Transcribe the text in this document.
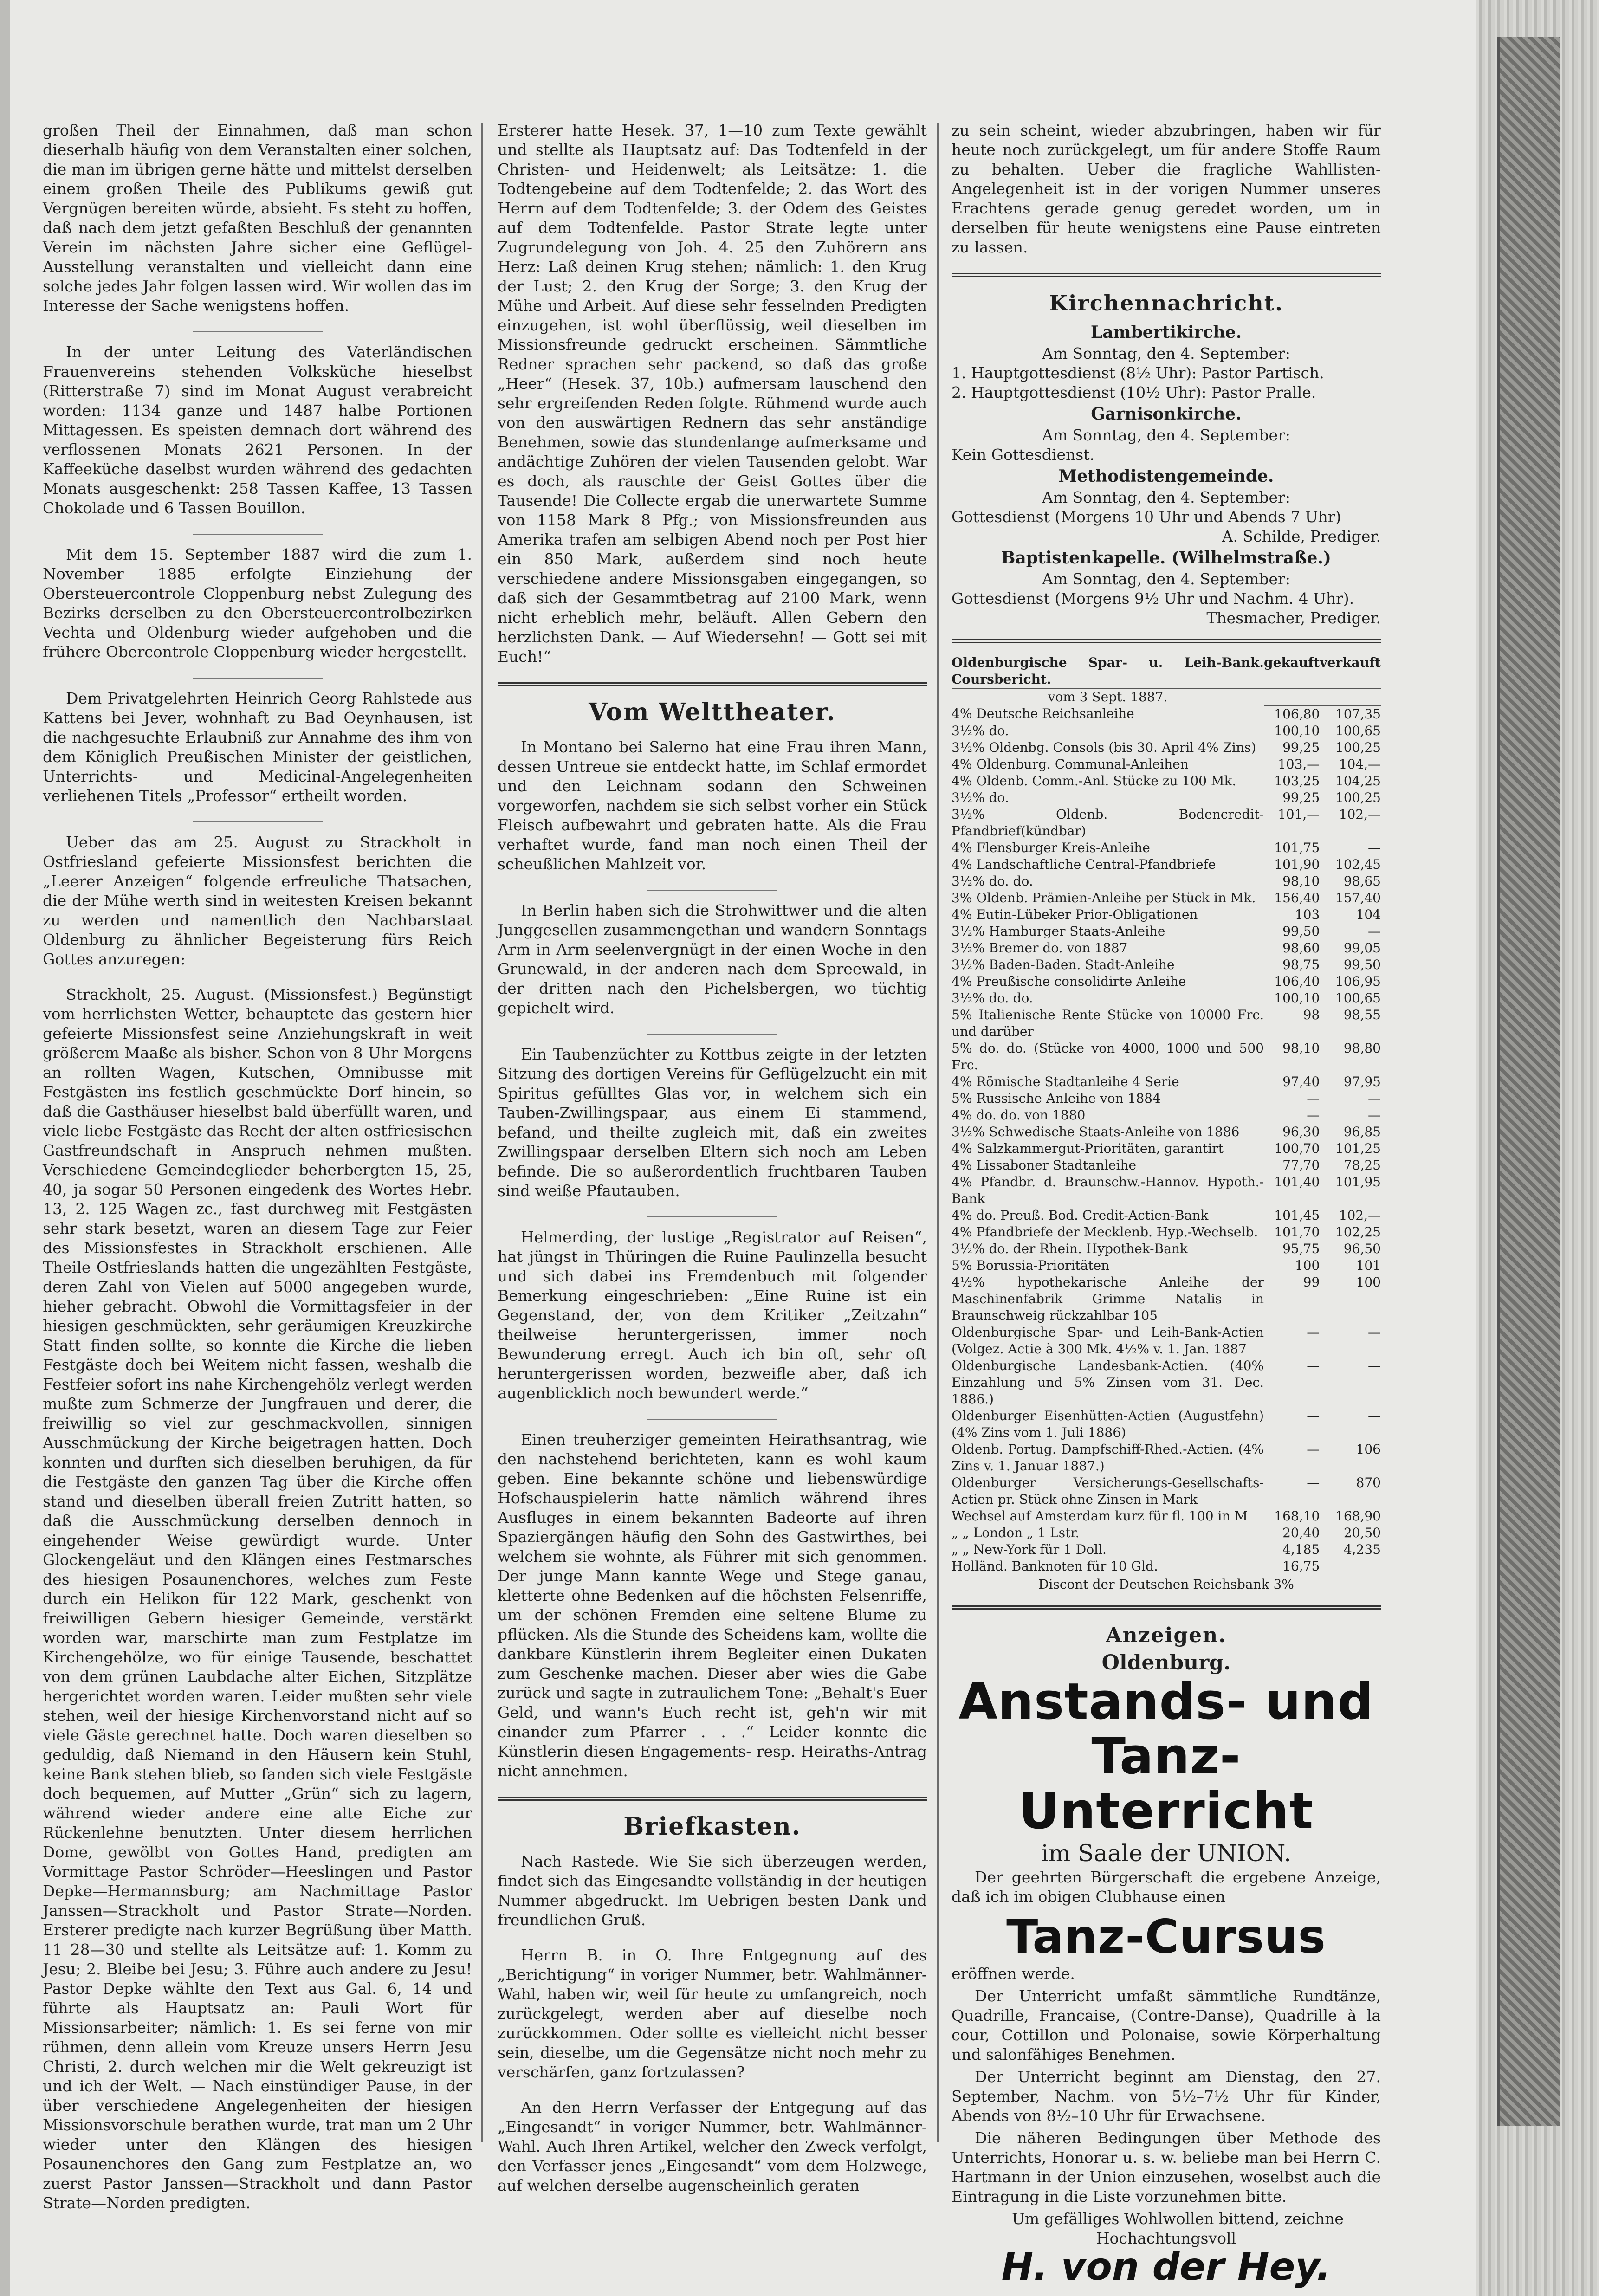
großen Theil der Einnahmen, daß man schon dieserhalb häufig von dem Veranstalten einer solchen, die man im übrigen gerne hätte und mittelst derselben einem großen Theile des Publikums gewiß gut Vergnügen bereiten würde, absieht. Es steht zu hoffen, daß nach dem jetzt gefaßten Beschluß der genannten Verein im nächsten Jahre sicher eine Geflügel-Ausstellung veranstalten und vielleicht dann eine solche jedes Jahr folgen lassen wird. Wir wollen das im Interesse der Sache wenigstens hoffen.

In der unter Leitung des Vaterländischen Frauenvereins stehenden Volksküche hieselbst (Ritterstraße 7) sind im Monat August verabreicht worden: 1134 ganze und 1487 halbe Portionen Mittagessen. Es speisten demnach dort während des verflossenen Monats 2621 Personen. In der Kaffeeküche daselbst wurden während des gedachten Monats ausgeschenkt: 258 Tassen Kaffee, 13 Tassen Chokolade und 6 Tassen Bouillon.

Mit dem 15. September 1887 wird die zum 1. November 1885 erfolgte Einziehung der Obersteuercontrole Cloppenburg nebst Zulegung des Bezirks derselben zu den Obersteuercontrolbezirken Vechta und Oldenburg wieder aufgehoben und die frühere Obercontrole Cloppenburg wieder hergestellt.

Dem Privatgelehrten Heinrich Georg Rahlstede aus Kattens bei Jever, wohnhaft zu Bad Oeynhausen, ist die nachgesuchte Erlaubniß zur Annahme des ihm von dem Königlich Preußischen Minister der geistlichen, Unterrichts- und Medicinal-Angelegenheiten verliehenen Titels „Professor“ ertheilt worden.

Ueber das am 25. August zu Strackholt in Ostfriesland gefeierte Missionsfest berichten die „Leerer Anzeigen“ folgende erfreuliche Thatsachen, die der Mühe werth sind in weitesten Kreisen bekannt zu werden und namentlich den Nachbarstaat Oldenburg zu ähnlicher Begeisterung fürs Reich Gottes anzuregen:

Strackholt, 25. August. (Missionsfest.) Begünstigt vom herrlichsten Wetter, behauptete das gestern hier gefeierte Missionsfest seine Anziehungskraft in weit größerem Maaße als bisher. Schon von 8 Uhr Morgens an rollten Wagen, Kutschen, Omnibusse mit Festgästen ins festlich geschmückte Dorf hinein, so daß die Gasthäuser hieselbst bald überfüllt waren, und viele liebe Festgäste das Recht der alten ostfriesischen Gastfreundschaft in Anspruch nehmen mußten. Verschiedene Gemeindeglieder beherbergten 15, 25, 40, ja sogar 50 Personen eingedenk des Wortes Hebr. 13, 2. 125 Wagen zc., fast durchweg mit Festgästen sehr stark besetzt, waren an diesem Tage zur Feier des Missionsfestes in Strackholt erschienen. Alle Theile Ostfrieslands hatten die ungezählten Festgäste, deren Zahl von Vielen auf 5000 angegeben wurde, hieher gebracht. Obwohl die Vormittagsfeier in der hiesigen geschmückten, sehr geräumigen Kreuzkirche Statt finden sollte, so konnte die Kirche die lieben Festgäste doch bei Weitem nicht fassen, weshalb die Festfeier sofort ins nahe Kirchengehölz verlegt werden mußte zum Schmerze der Jungfrauen und derer, die freiwillig so viel zur geschmackvollen, sinnigen Ausschmückung der Kirche beigetragen hatten. Doch konnten und durften sich dieselben beruhigen, da für die Festgäste den ganzen Tag über die Kirche offen stand und dieselben überall freien Zutritt hatten, so daß die Ausschmückung derselben dennoch in eingehender Weise gewürdigt wurde. Unter Glockengeläut und den Klängen eines Festmarsches des hiesigen Posaunenchores, welches zum Feste durch ein Helikon für 122 Mark, geschenkt von freiwilligen Gebern hiesiger Gemeinde, verstärkt worden war, marschirte man zum Festplatze im Kirchengehölze, wo für einige Tausende, beschattet von dem grünen Laubdache alter Eichen, Sitzplätze hergerichtet worden waren. Leider mußten sehr viele stehen, weil der hiesige Kirchenvorstand nicht auf so viele Gäste gerechnet hatte. Doch waren dieselben so geduldig, daß Niemand in den Häusern kein Stuhl, keine Bank stehen blieb, so fanden sich viele Festgäste doch bequemen, auf Mutter „Grün“ sich zu lagern, während wieder andere eine alte Eiche zur Rückenlehne benutzten. Unter diesem herrlichen Dome, gewölbt von Gottes Hand, predigten am Vormittage Pastor Schröder—Heeslingen und Pastor Depke—Hermannsburg; am Nachmittage Pastor Janssen—Strackholt und Pastor Strate—Norden. Ersterer predigte nach kurzer Begrüßung über Matth. 11 28—30 und stellte als Leitsätze auf: 1. Komm zu Jesu; 2. Bleibe bei Jesu; 3. Führe auch andere zu Jesu! Pastor Depke wählte den Text aus Gal. 6, 14 und führte als Hauptsatz an: Pauli Wort für Missionsarbeiter; nämlich: 1. Es sei ferne von mir rühmen, denn allein vom Kreuze unsers Herrn Jesu Christi, 2. durch welchen mir die Welt gekreuzigt ist und ich der Welt. — Nach einstündiger Pause, in der über verschiedene Angelegenheiten der hiesigen Missionsvorschule berathen wurde, trat man um 2 Uhr wieder unter den Klängen des hiesigen Posaunenchores den Gang zum Festplatze an, wo zuerst Pastor Janssen—Strackholt und dann Pastor Strate—Norden predigten.

Ersterer hatte Hesek. 37, 1—10 zum Texte gewählt und stellte als Hauptsatz auf: Das Todtenfeld in der Christen- und Heidenwelt; als Leitsätze: 1. die Todtengebeine auf dem Todtenfelde; 2. das Wort des Herrn auf dem Todtenfelde; 3. der Odem des Geistes auf dem Todtenfelde. Pastor Strate legte unter Zugrundelegung von Joh. 4. 25 den Zuhörern ans Herz: Laß deinen Krug stehen; nämlich: 1. den Krug der Lust; 2. den Krug der Sorge; 3. den Krug der Mühe und Arbeit. Auf diese sehr fesselnden Predigten einzugehen, ist wohl überflüssig, weil dieselben im Missionsfreunde gedruckt erscheinen. Sämmtliche Redner sprachen sehr packend, so daß das große „Heer“ (Hesek. 37, 10b.) aufmersam lauschend den sehr ergreifenden Reden folgte. Rühmend wurde auch von den auswärtigen Rednern das sehr anständige Benehmen, sowie das stundenlange aufmerksame und andächtige Zuhören der vielen Tausenden gelobt. War es doch, als rauschte der Geist Gottes über die Tausende! Die Collecte ergab die unerwartete Summe von 1158 Mark 8 Pfg.; von Missionsfreunden aus Amerika trafen am selbigen Abend noch per Post hier ein 850 Mark, außerdem sind noch heute verschiedene andere Missionsgaben eingegangen, so daß sich der Gesammtbetrag auf 2100 Mark, wenn nicht erheblich mehr, beläuft. Allen Gebern den herzlichsten Dank. — Auf Wiedersehn! — Gott sei mit Euch!“

Vom Welttheater.

In Montano bei Salerno hat eine Frau ihren Mann, dessen Untreue sie entdeckt hatte, im Schlaf ermordet und den Leichnam sodann den Schweinen vorgeworfen, nachdem sie sich selbst vorher ein Stück Fleisch aufbewahrt und gebraten hatte. Als die Frau verhaftet wurde, fand man noch einen Theil der scheußlichen Mahlzeit vor.

In Berlin haben sich die Strohwittwer und die alten Junggesellen zusammengethan und wandern Sonntags Arm in Arm seelenvergnügt in der einen Woche in den Grunewald, in der anderen nach dem Spreewald, in der dritten nach den Pichelsbergen, wo tüchtig gepichelt wird.

Ein Taubenzüchter zu Kottbus zeigte in der letzten Sitzung des dortigen Vereins für Geflügelzucht ein mit Spiritus gefülltes Glas vor, in welchem sich ein Tauben-Zwillingspaar, aus einem Ei stammend, befand, und theilte zugleich mit, daß ein zweites Zwillingspaar derselben Eltern sich noch am Leben befinde. Die so außerordentlich fruchtbaren Tauben sind weiße Pfautauben.

Helmerding, der lustige „Registrator auf Reisen“, hat jüngst in Thüringen die Ruine Paulinzella besucht und sich dabei ins Fremdenbuch mit folgender Bemerkung eingeschrieben: „Eine Ruine ist ein Gegenstand, der, von dem Kritiker „Zeitzahn“ theilweise heruntergerissen, immer noch Bewunderung erregt. Auch ich bin oft, sehr oft heruntergerissen worden, bezweifle aber, daß ich augenblicklich noch bewundert werde.“

Einen treuherziger gemeinten Heirathsantrag, wie den nachstehend berichteten, kann es wohl kaum geben. Eine bekannte schöne und liebenswürdige Hofschauspielerin hatte nämlich während ihres Ausfluges in einem bekannten Badeorte auf ihren Spaziergängen häufig den Sohn des Gastwirthes, bei welchem sie wohnte, als Führer mit sich genommen. Der junge Mann kannte Wege und Stege ganau, kletterte ohne Bedenken auf die höchsten Felsenriffe, um der schönen Fremden eine seltene Blume zu pflücken. Als die Stunde des Scheidens kam, wollte die dankbare Künstlerin ihrem Begleiter einen Dukaten zum Geschenke machen. Dieser aber wies die Gabe zurück und sagte in zutraulichem Tone: „Behalt's Euer Geld, und wann's Euch recht ist, geh'n wir mit einander zum Pfarrer . . .“ Leider konnte die Künstlerin diesen Engagements- resp. Heiraths-Antrag nicht annehmen.

Briefkasten.

Nach Rastede. Wie Sie sich überzeugen werden, findet sich das Eingesandte vollständig in der heutigen Nummer abgedruckt. Im Uebrigen besten Dank und freundlichen Gruß.

Herrn B. in O. Ihre Entgegnung auf des „Berichtigung“ in voriger Nummer, betr. Wahlmänner-Wahl, haben wir, weil für heute zu umfangreich, noch zurückgelegt, werden aber auf dieselbe noch zurückkommen. Oder sollte es vielleicht nicht besser sein, dieselbe, um die Gegensätze nicht noch mehr zu verschärfen, ganz fortzulassen?

An den Herrn Verfasser der Entgegung auf das „Eingesandt“ in voriger Nummer, betr. Wahlmänner-Wahl. Auch Ihren Artikel, welcher den Zweck verfolgt, den Verfasser jenes „Eingesandt“ vom dem Holzwege, auf welchen derselbe augenscheinlich geraten

zu sein scheint, wieder abzubringen, haben wir für heute noch zurückgelegt, um für andere Stoffe Raum zu behalten. Ueber die fragliche Wahllisten-Angelegenheit ist in der vorigen Nummer unseres Erachtens gerade genug geredet worden, um in derselben für heute wenigstens eine Pause eintreten zu lassen.

Kirchennachricht.
Lambertikirche.
Am Sonntag, den 4. September:
1. Hauptgottesdienst (8½ Uhr): Pastor Partisch.
2. Hauptgottesdienst (10½ Uhr): Pastor Pralle.
Garnisonkirche.
Am Sonntag, den 4. September:
Kein Gottesdienst.
Methodistengemeinde.
Am Sonntag, den 4. September:
Gottesdienst (Morgens 10 Uhr und Abends 7 Uhr)
A. Schilde, Prediger.
Baptistenkapelle. (Wilhelmstraße.)
Am Sonntag, den 4. September:
Gottesdienst (Morgens 9½ Uhr und Nachm. 4 Uhr).
Thesmacher, Prediger.
Oldenburgische Spar- u. Leih-Bank. Coursbericht.	gekauft	verkauft
vom 3 Sept. 1887.		
4% Deutsche Reichsanleihe	106,80	107,35
3½% do.	100,10	100,65
3½% Oldenbg. Consols (bis 30. April 4% Zins)	99,25	100,25
4% Oldenburg. Communal-Anleihen	103,—	104,—
4% Oldenb. Comm.-Anl. Stücke zu 100 Mk.	103,25	104,25
3½% do.	99,25	100,25
3½% Oldenb. Bodencredit-Pfandbrief(kündbar)	101,—	102,—
4% Flensburger Kreis-Anleihe	101,75	—
4% Landschaftliche Central-Pfandbriefe	101,90	102,45
3½% do. do.	98,10	98,65
3% Oldenb. Prämien-Anleihe per Stück in Mk.	156,40	157,40
4% Eutin-Lübeker Prior-Obligationen	103	104
3½% Hamburger Staats-Anleihe	99,50	—
3½% Bremer do. von 1887	98,60	99,05
3½% Baden-Baden. Stadt-Anleihe	98,75	99,50
4% Preußische consolidirte Anleihe	106,40	106,95
3½% do. do.	100,10	100,65
5% Italienische Rente Stücke von 10000 Frc. und darüber	98	98,55
5% do. do. (Stücke von 4000, 1000 und 500 Frc.	98,10	98,80
4% Römische Stadtanleihe 4 Serie	97,40	97,95
5% Russische Anleihe von 1884	—	—
4% do. do. von 1880	—	—
3½% Schwedische Staats-Anleihe von 1886	96,30	96,85
4% Salzkammergut-Prioritäten, garantirt	100,70	101,25
4% Lissaboner Stadtanleihe	77,70	78,25
4% Pfandbr. d. Braunschw.-Hannov. Hypoth.-Bank	101,40	101,95
4% do. Preuß. Bod. Credit-Actien-Bank	101,45	102,—
4% Pfandbriefe der Mecklenb. Hyp.-Wechselb.	101,70	102,25
3½% do. der Rhein. Hypothek-Bank	95,75	96,50
5% Borussia-Prioritäten	100	101
4½% hypothekarische Anleihe der Maschinenfabrik Grimme Natalis in Braunschweig rückzahlbar 105	99	100
Oldenburgische Spar- und Leih-Bank-Actien (Volgez. Actie à 300 Mk. 4½% v. 1. Jan. 1887	—	—
Oldenburgische Landesbank-Actien. (40% Einzahlung und 5% Zinsen vom 31. Dec. 1886.)	—	—
Oldenburger Eisenhütten-Actien (Augustfehn) (4% Zins vom 1. Juli 1886)	—	—
Oldenb. Portug. Dampfschiff-Rhed.-Actien. (4% Zins v. 1. Januar 1887.)	—	106
Oldenburger Versicherungs-Gesellschafts-Actien pr. Stück ohne Zinsen in Mark	—	870
Wechsel auf Amsterdam kurz für fl. 100 in M	168,10	168,90
„ „ London „ 1 Lstr.	20,40	20,50
„ „ New-York für 1 Doll.	4,185	4,235
Holländ. Banknoten für 10 Gld.	16,75	
Discont der Deutschen Reichsbank 3%
Anzeigen.
Oldenburg.
Anstands- und
Tanz-Unterricht
im Saale der UNION.

Der geehrten Bürgerschaft die ergebene Anzeige, daß ich im obigen Clubhause einen

Tanz-Cursus

eröffnen werde.

Der Unterricht umfaßt sämmtliche Rundtänze, Quadrille, Francaise, (Contre-Danse), Quadrille à la cour, Cottillon und Polonaise, sowie Körperhaltung und salonfähiges Benehmen.

Der Unterricht beginnt am Dienstag, den 27. September, Nachm. von 5½–7½ Uhr für Kinder, Abends von 8½–10 Uhr für Erwachsene.

Die näheren Bedingungen über Methode des Unterrichts, Honorar u. s. w. beliebe man bei Herrn C. Hartmann in der Union einzusehen, woselbst auch die Eintragung in die Liste vorzunehmen bitte.

Um gefälliges Wohlwollen bittend, zeichne Hochachtungsvoll

H. von der Hey.
